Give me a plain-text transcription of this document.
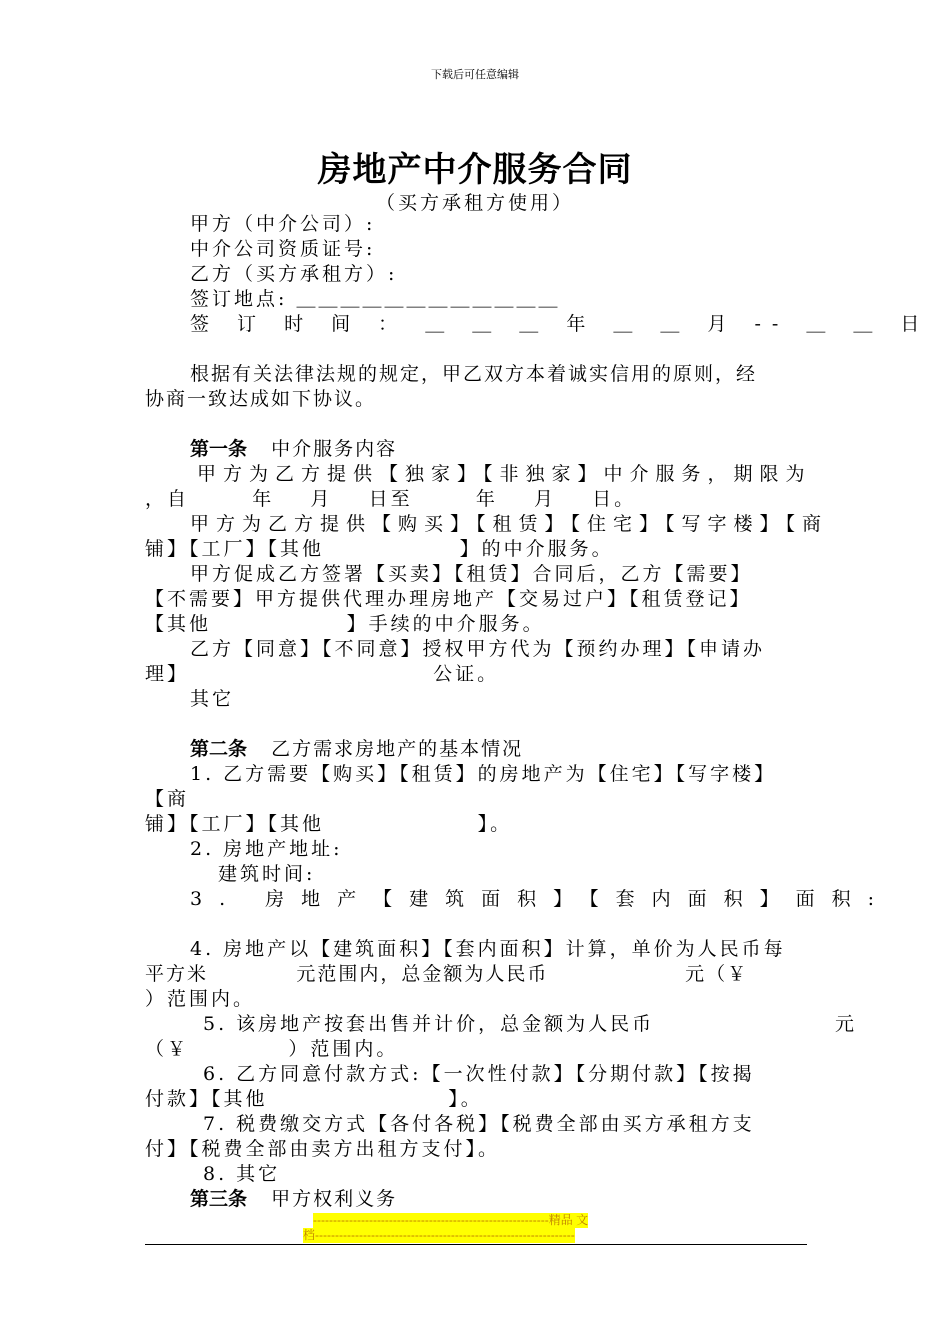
下载后可任意编辑
房地产中介服务合同
（买方承租方使用）
甲方（中介公司）:
中介公司资质证号:
乙方（买方承租方）:
签订地点: ＿＿＿＿＿＿＿＿＿＿＿＿
签 订 时 间 ： ＿ ＿ ＿ 年 ＿ ＿ 月 -- ＿ ＿ 日
根据有关法律法规的规定，甲乙双方本着诚实信用的原则，经
协商一致达成如下协议。
第一条 中介服务内容
甲方为乙方提供【独家】【非独家】中介服务，期限为
，自       年    月    日至       年    月    日。
甲方为乙方提供【购买】【租赁】【住宅】【写字楼】【商
铺】【工厂】【其他               】的中介服务。
甲方促成乙方签署【买卖】【租赁】合同后，乙方【需要】
【不需要】甲方提供代理办理房地产【交易过户】【租赁登记】
【其他               】手续的中介服务。
乙方【同意】【不同意】授权甲方代为【预约办理】【申请办
理】                           公证。
其它
第二条 乙方需求房地产的基本情况
1. 乙方需要【购买】【租赁】的房地产为【住宅】【写字楼】
【商
铺】【工厂】【其他                 】。
2. 房地产地址:
建筑时间:
3. 房地产【建筑面积】【套内面积】面积:
4. 房地产以【建筑面积】【套内面积】计算，单价为人民币每
平方米           元范围内，总金额为人民币                 元（￥
）范围内。
5. 该房地产按套出售并计价，总金额为人民币                    元
（￥           ）范围内。
6. 乙方同意付款方式:【一次性付款】【分期付款】【按揭
付款】【其他                    】。
7. 税费缴交方式【各付各税】【税费全部由买方承租方支
付】【税费全部由卖方出租方支付】。
8. 其它
第三条 甲方权利义务
-----------------------------------------------------------精品 文
档-----------------------------------------------------------------
